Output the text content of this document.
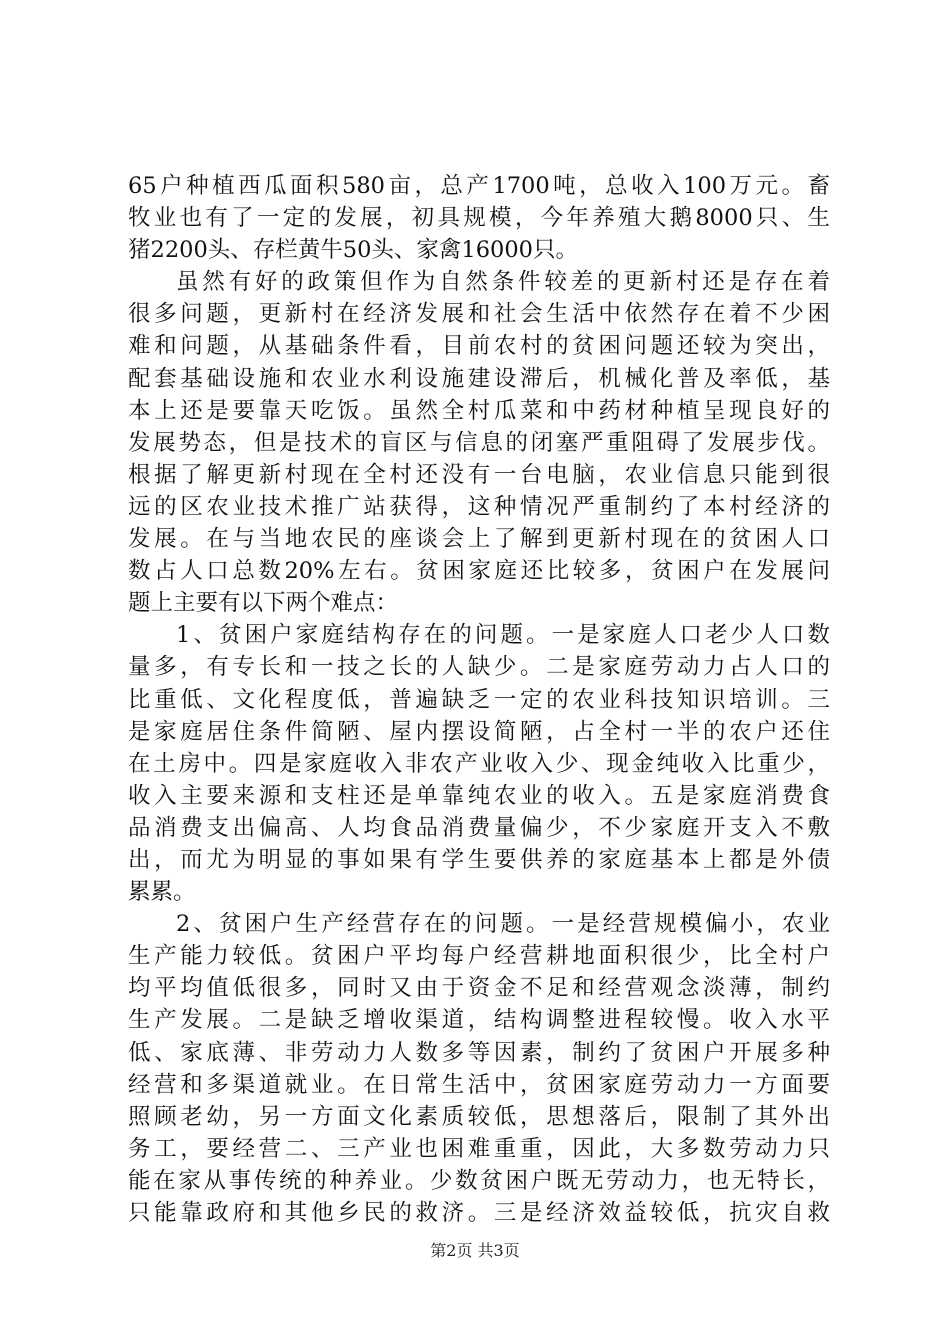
65户种植西瓜面积580亩，总产1700吨，总收入100万元。畜
牧业也有了一定的发展，初具规模，今年养殖大鹅8000只、生
猪2200头、存栏黄牛50头、家禽16000只。
虽然有好的政策但作为自然条件较差的更新村还是存在着
很多问题，更新村在经济发展和社会生活中依然存在着不少困
难和问题，从基础条件看，目前农村的贫困问题还较为突出，
配套基础设施和农业水利设施建设滞后，机械化普及率低，基
本上还是要靠天吃饭。虽然全村瓜菜和中药材种植呈现良好的
发展势态，但是技术的盲区与信息的闭塞严重阻碍了发展步伐。
根据了解更新村现在全村还没有一台电脑，农业信息只能到很
远的区农业技术推广站获得，这种情况严重制约了本村经济的
发展。在与当地农民的座谈会上了解到更新村现在的贫困人口
数占人口总数20%左右。贫困家庭还比较多，贫困户在发展问
题上主要有以下两个难点：
1、贫困户家庭结构存在的问题。一是家庭人口老少人口数
量多，有专长和一技之长的人缺少。二是家庭劳动力占人口的
比重低、文化程度低，普遍缺乏一定的农业科技知识培训。三
是家庭居住条件简陋、屋内摆设简陋，占全村一半的农户还住
在土房中。四是家庭收入非农产业收入少、现金纯收入比重少，
收入主要来源和支柱还是单靠纯农业的收入。五是家庭消费食
品消费支出偏高、人均食品消费量偏少，不少家庭开支入不敷
出，而尤为明显的事如果有学生要供养的家庭基本上都是外债
累累。
2、贫困户生产经营存在的问题。一是经营规模偏小，农业
生产能力较低。贫困户平均每户经营耕地面积很少，比全村户
均平均值低很多，同时又由于资金不足和经营观念淡薄，制约
生产发展。二是缺乏增收渠道，结构调整进程较慢。收入水平
低、家底薄、非劳动力人数多等因素，制约了贫困户开展多种
经营和多渠道就业。在日常生活中，贫困家庭劳动力一方面要
照顾老幼，另一方面文化素质较低，思想落后，限制了其外出
务工，要经营二、三产业也困难重重，因此，大多数劳动力只
能在家从事传统的种养业。少数贫困户既无劳动力，也无特长，
只能靠政府和其他乡民的救济。三是经济效益较低，抗灾自救
第2页 共3页
